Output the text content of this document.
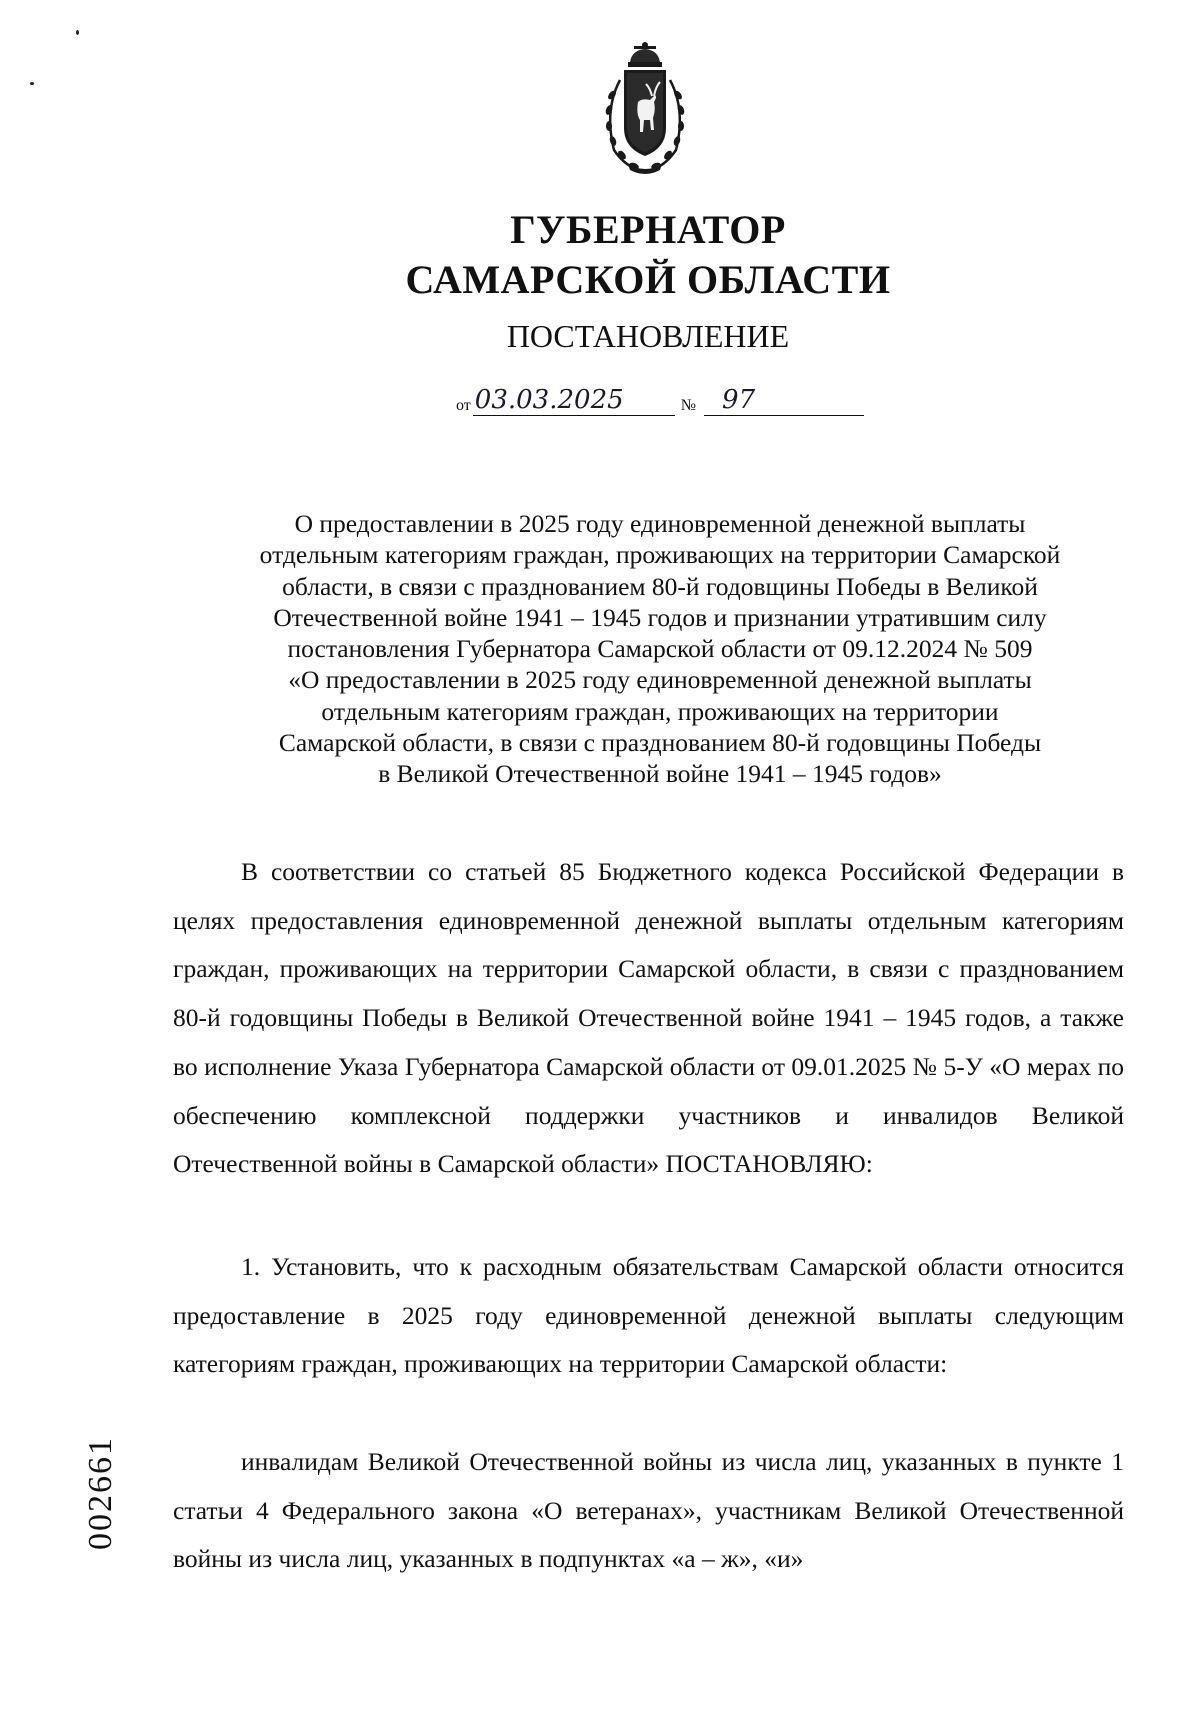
ГУБЕРНАТОР
САМАРСКОЙ ОБЛАСТИ
ПОСТАНОВЛЕНИЕ
от 03.03.2025	№	97
О предоставлении в 2025 году единовременной денежной выплаты
отдельным категориям граждан, проживающих на территории Самарской
области, в связи с празднованием 80-й годовщины Победы в Великой
Отечественной войне 1941 – 1945 годов и признании утратившим силу
постановления Губернатора Самарской области от 09.12.2024 № 509
«О предоставлении в 2025 году единовременной денежной выплаты
отдельным категориям граждан, проживающих на территории
Самарской области, в связи с празднованием 80-й годовщины Победы
в Великой Отечественной войне 1941 – 1945 годов»

В соответствии со статьей 85 Бюджетного кодекса Российской Федерации в целях предоставления единовременной денежной выплаты отдельным категориям граждан, проживающих на территории Самарской области, в связи с празднованием 80-й годовщины Победы в Великой Отечественной войне 1941 – 1945 годов, а также во исполнение Указа Губернатора Самарской области от 09.01.2025 № 5-У «О мерах по обеспечению комплексной поддержки участников и инвалидов Великой Отечественной войны в Самарской области» ПОСТАНОВЛЯЮ:

1. Установить, что к расходным обязательствам Самарской области относится предоставление в 2025 году единовременной денежной выплаты следующим категориям граждан, проживающих на территории Самарской области:

инвалидам Великой Отечественной войны из числа лиц, указанных в пункте 1 статьи 4 Федерального закона «О ветеранах», участникам Великой Отечественной войны из числа лиц, указанных в подпунктах «а – ж», «и»

002661
